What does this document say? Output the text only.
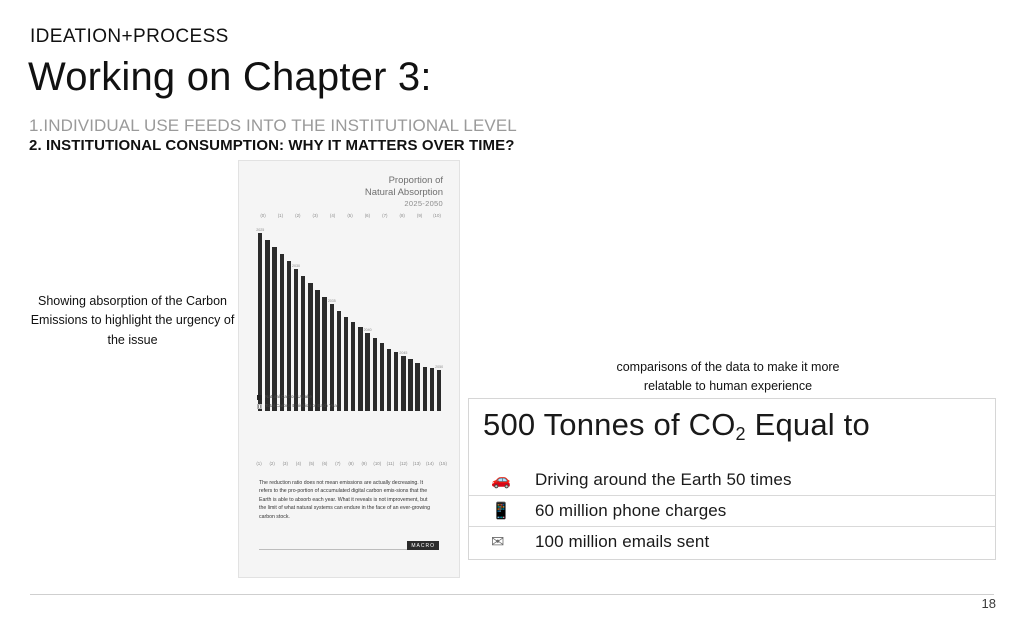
IDEATION+PROCESS
Working on Chapter 3:
1.INDIVIDUAL USE FEEDS INTO THE INSTITUTIONAL LEVEL
2. INSTITUTIONAL CONSUMPTION: WHY IT MATTERS OVER TIME?
Showing absorption of the Carbon Emissions to highlight the urgency of the issue
Proportion of
Natural Absorption
2025-2050
(0)	(1)	(2)	(3)	(4)	(5)	(6)	(7)	(8)	(9) (10)
2025
2030
2035
2040
2045
2050
Natural Carbon Uptake
Total Carbon Emission of Each Year
(1) (2) (3) (4) (5) (6) (7) (8) (9) (10) (11) (12) (13) (14) (15)
The reduction ratio does not mean emissions are actually decreasing. It refers to the pro-portion of accumulated digital carbon emis-sions that the Earth is able to absorb each year. What it reveals is not improvement, but the limit of what natural systems can endure in the face of an ever-growing carbon stock.
MACRO
comparisons of the data to make it more relatable to human experience
500 Tonnes of $CO_2$ Equal to
🚗	Driving around the Earth 50 times
📱	60 million phone charges
✉	100 million emails sent
18
